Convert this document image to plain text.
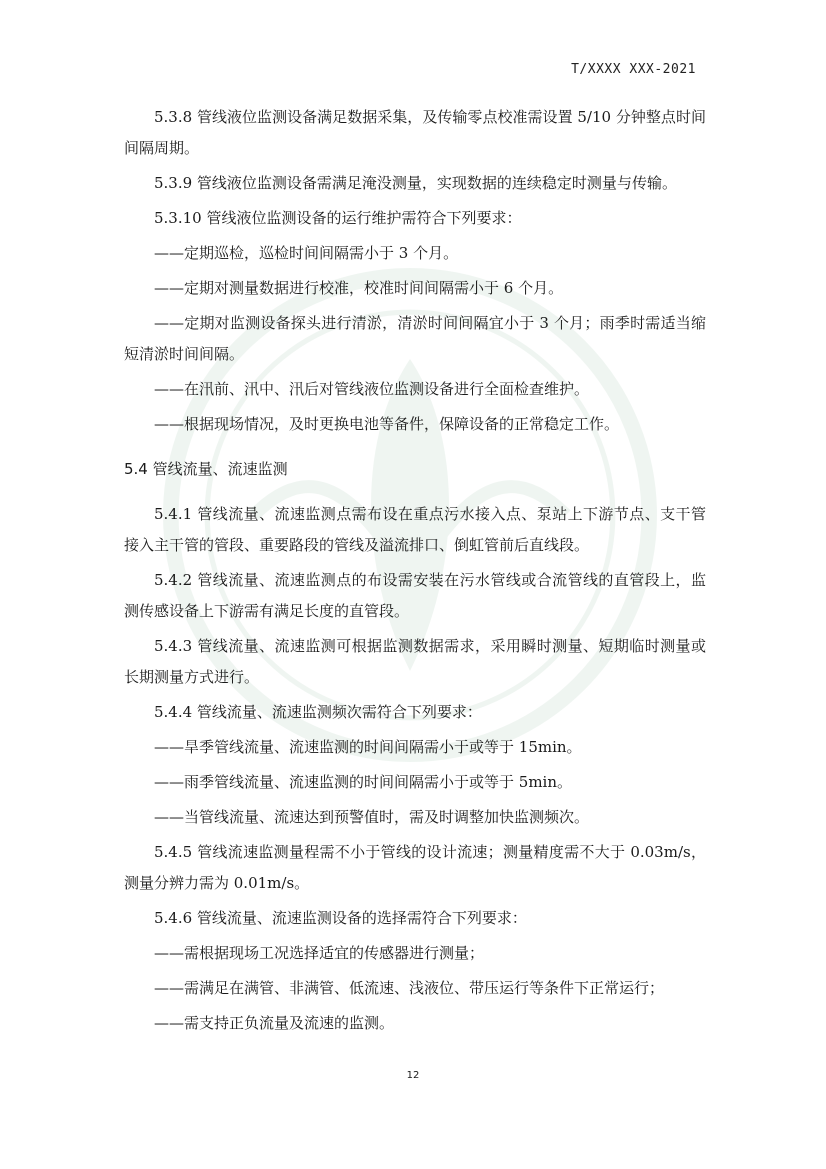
T/XXXX XXX-2021

5.3.8 管线液位监测设备满足数据采集，及传输零点校准需设置 5/10 分钟整点时间间隔周期。

5.3.9 管线液位监测设备需满足淹没测量，实现数据的连续稳定时测量与传输。

5.3.10 管线液位监测设备的运行维护需符合下列要求：

——定期巡检，巡检时间间隔需小于 3 个月。

——定期对测量数据进行校准，校准时间间隔需小于 6 个月。

——定期对监测设备探头进行清淤，清淤时间间隔宜小于 3 个月；雨季时需适当缩短清淤时间间隔。

——在汛前、汛中、汛后对管线液位监测设备进行全面检查维护。

——根据现场情况，及时更换电池等备件，保障设备的正常稳定工作。

5.4 管线流量、流速监测

5.4.1 管线流量、流速监测点需布设在重点污水接入点、泵站上下游节点、支干管接入主干管的管段、重要路段的管线及溢流排口、倒虹管前后直线段。

5.4.2 管线流量、流速监测点的布设需安装在污水管线或合流管线的直管段上，监测传感设备上下游需有满足长度的直管段。

5.4.3 管线流量、流速监测可根据监测数据需求，采用瞬时测量、短期临时测量或长期测量方式进行。

5.4.4 管线流量、流速监测频次需符合下列要求：

——旱季管线流量、流速监测的时间间隔需小于或等于 15min。

——雨季管线流量、流速监测的时间间隔需小于或等于 5min。

——当管线流量、流速达到预警值时，需及时调整加快监测频次。

5.4.5 管线流速监测量程需不小于管线的设计流速；测量精度需不大于 0.03m/s，测量分辨力需为 0.01m/s。

5.4.6 管线流量、流速监测设备的选择需符合下列要求：

——需根据现场工况选择适宜的传感器进行测量；

——需满足在满管、非满管、低流速、浅液位、带压运行等条件下正常运行；

——需支持正负流量及流速的监测。

12
